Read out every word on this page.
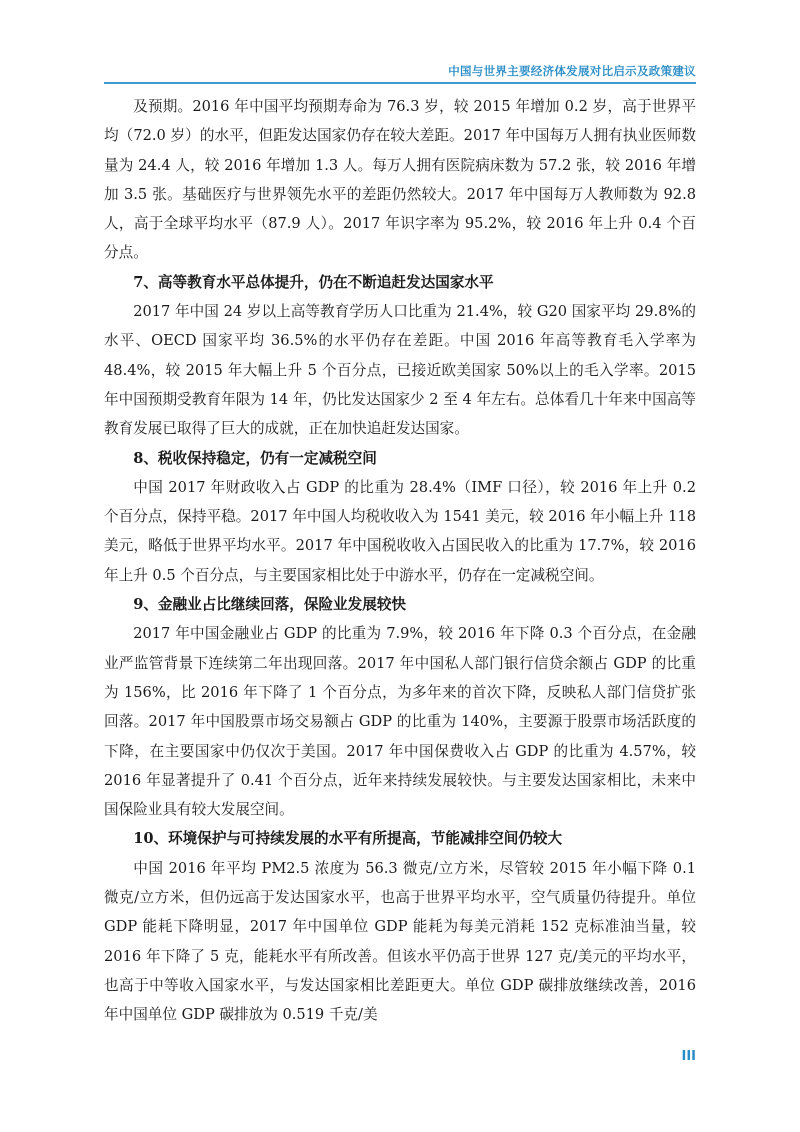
中国与世界主要经济体发展对比启示及政策建议

及预期。2016 年中国平均预期寿命为 76.3 岁，较 2015 年增加 0.2 岁，高于世界平均（72.0 岁）的水平，但距发达国家仍存在较大差距。2017 年中国每万人拥有执业医师数量为 24.4 人，较 2016 年增加 1.3 人。每万人拥有医院病床数为 57.2 张，较 2016 年增加 3.5 张。基础医疗与世界领先水平的差距仍然较大。2017 年中国每万人教师数为 92.8 人，高于全球平均水平（87.9 人）。2017 年识字率为 95.2%，较 2016 年上升 0.4 个百分点。

7、高等教育水平总体提升，仍在不断追赶发达国家水平

2017 年中国 24 岁以上高等教育学历人口比重为 21.4%，较 G20 国家平均 29.8%的水平、OECD 国家平均 36.5%的水平仍存在差距。中国 2016 年高等教育毛入学率为 48.4%，较 2015 年大幅上升 5 个百分点，已接近欧美国家 50%以上的毛入学率。2015 年中国预期受教育年限为 14 年，仍比发达国家少 2 至 4 年左右。总体看几十年来中国高等教育发展已取得了巨大的成就，正在加快追赶发达国家。

8、税收保持稳定，仍有一定减税空间

中国 2017 年财政收入占 GDP 的比重为 28.4%（IMF 口径），较 2016 年上升 0.2 个百分点，保持平稳。2017 年中国人均税收收入为 1541 美元，较 2016 年小幅上升 118 美元，略低于世界平均水平。2017 年中国税收收入占国民收入的比重为 17.7%，较 2016 年上升 0.5 个百分点，与主要国家相比处于中游水平，仍存在一定减税空间。

9、金融业占比继续回落，保险业发展较快

2017 年中国金融业占 GDP 的比重为 7.9%，较 2016 年下降 0.3 个百分点，在金融业严监管背景下连续第二年出现回落。2017 年中国私人部门银行信贷余额占 GDP 的比重为 156%，比 2016 年下降了 1 个百分点，为多年来的首次下降，反映私人部门信贷扩张回落。2017 年中国股票市场交易额占 GDP 的比重为 140%，主要源于股票市场活跃度的下降，在主要国家中仍仅次于美国。2017 年中国保费收入占 GDP 的比重为 4.57%，较 2016 年显著提升了 0.41 个百分点，近年来持续发展较快。与主要发达国家相比，未来中国保险业具有较大发展空间。

10、环境保护与可持续发展的水平有所提高，节能减排空间仍较大

中国 2016 年平均 PM2.5 浓度为 56.3 微克/立方米，尽管较 2015 年小幅下降 0.1 微克/立方米，但仍远高于发达国家水平，也高于世界平均水平，空气质量仍待提升。单位 GDP 能耗下降明显，2017 年中国单位 GDP 能耗为每美元消耗 152 克标准油当量，较 2016 年下降了 5 克，能耗水平有所改善。但该水平仍高于世界 127 克/美元的平均水平，也高于中等收入国家水平，与发达国家相比差距更大。单位 GDP 碳排放继续改善，2016 年中国单位 GDP 碳排放为 0.519 千克/美

III
